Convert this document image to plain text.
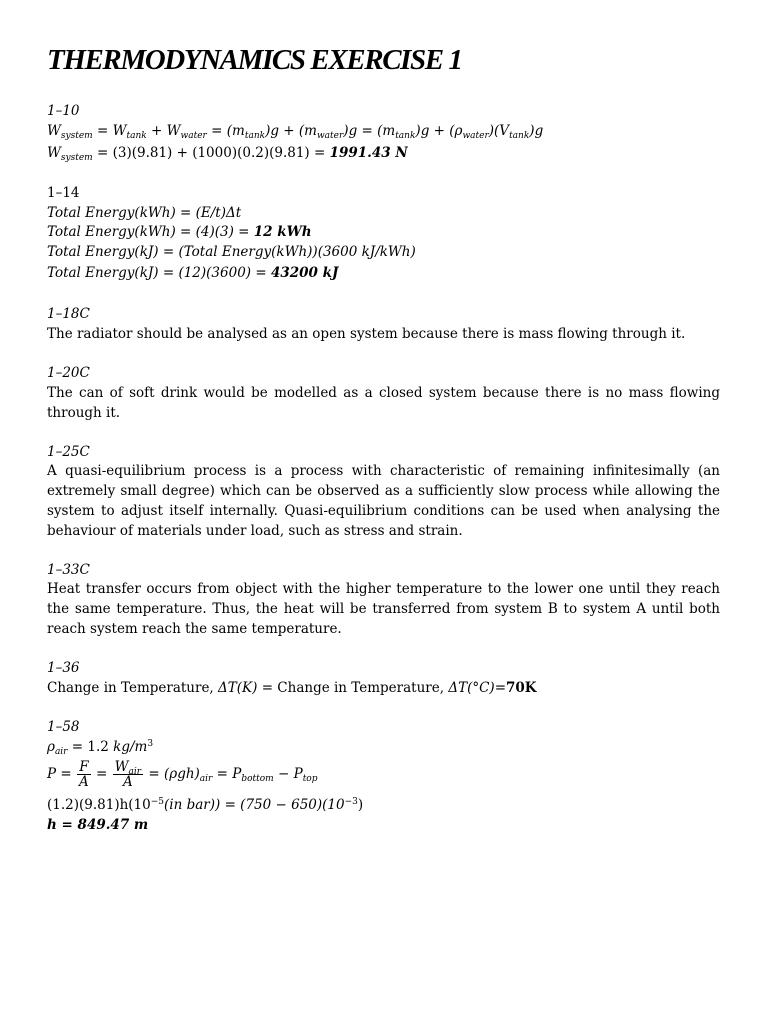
THERMODYNAMICS EXERCISE 1
1–10
$W_{system} = W_{tank} + W_{water} = (m_{tank})g + (m_{water})g = (m_{tank})g + (\rho_{water})(V_{tank})g$
$W_{system} = (3)(9.81) + (1000)(0.2)(9.81) = 1991.43$ N
1–14
Total Energy(kWh) = (E/t)Δt
Total Energy(kWh) = (4)(3) = 12 kWh
Total Energy(kJ) = (Total Energy(kWh))(3600 kJ/kWh)
Total Energy(kJ) = (12)(3600) = 43200 kJ
1–18C

The radiator should be analysed as an open system because there is mass flowing through it.

1–20C

The can of soft drink would be modelled as a closed system because there is no mass flowing through it.

1–25C

A quasi-equilibrium process is a process with characteristic of remaining infinitesimally (an extremely small degree) which can be observed as a sufficiently slow process while allowing the system to adjust itself internally. Quasi-equilibrium conditions can be used when analysing the behaviour of materials under load, such as stress and strain.

1–33C

Heat transfer occurs from object with the higher temperature to the lower one until they reach the same temperature. Thus, the heat will be transferred from system B to system A until both reach system reach the same temperature.

1–36
Change in Temperature, ΔT(K) = Change in Temperature, ΔT(°C)=70K
1–58
$\rho_{air} = 1.2$ $kg/m^3$
$P = \frac{F}{A} = \frac{W_{air}}{A} = (\rho gh)_{air} = P_{bottom} - P_{top}$
$(1.2)(9.81)h(10^{-5}(in$ $bar)) = (750 - 650)(10^{-3})$
h = 849.47 m
